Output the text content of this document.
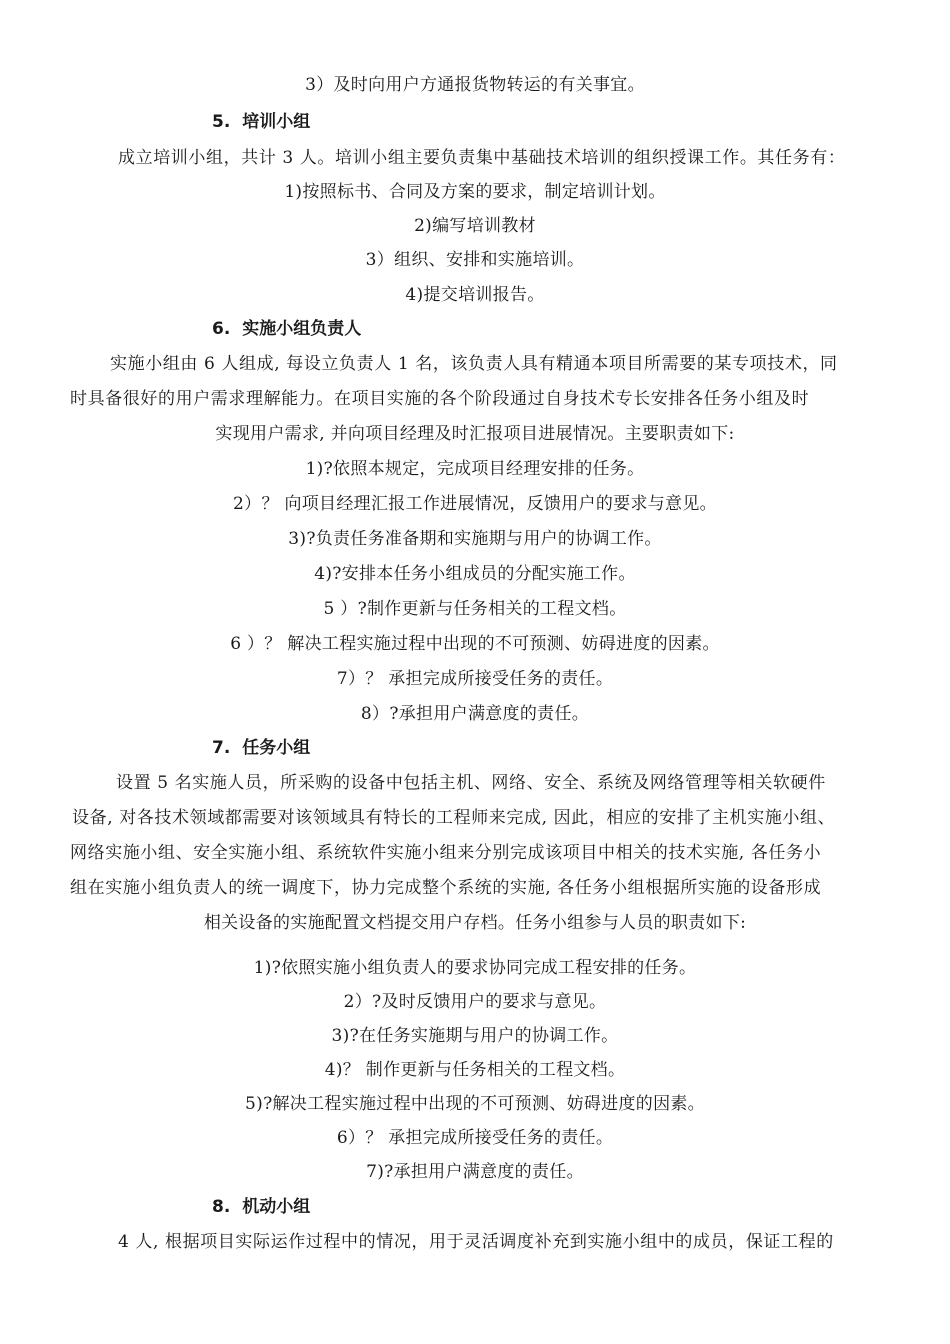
3）及时向用户方通报货物转运的有关事宜。
5. 培训小组
成立培训小组，共计 3 人。培训小组主要负责集中基础技术培训的组织授课工作。其任务有：
1)按照标书、合同及方案的要求，制定培训计划。
2)编写培训教材
3）组织、安排和实施培训。
4)提交培训报告。
6. 实施小组负责人
实施小组由 6 人组成, 每设立负责人 1 名，该负责人具有精通本项目所需要的某专项技术，同
时具备很好的用户需求理解能力。在项目实施的各个阶段通过自身技术专长安排各任务小组及时
实现用户需求, 并向项目经理及时汇报项目进展情况。主要职责如下:
1)?依照本规定，完成项目经理安排的任务。
2）？ 向项目经理汇报工作进展情况，反馈用户的要求与意见。
3)?负责任务准备期和实施期与用户的协调工作。
4)?安排本任务小组成员的分配实施工作。
5 ）?制作更新与任务相关的工程文档。
6 ）？ 解决工程实施过程中出现的不可预测、妨碍进度的因素。
7）？ 承担完成所接受任务的责任。
8）?承担用户满意度的责任。
7. 任务小组
设置 5 名实施人员，所采购的设备中包括主机、网络、安全、系统及网络管理等相关软硬件
设备, 对各技术领域都需要对该领域具有特长的工程师来完成, 因此，相应的安排了主机实施小组、
网络实施小组、安全实施小组、系统软件实施小组来分别完成该项目中相关的技术实施, 各任务小
组在实施小组负责人的统一调度下，协力完成整个系统的实施, 各任务小组根据所实施的设备形成
相关设备的实施配置文档提交用户存档。任务小组参与人员的职责如下:
1)?依照实施小组负责人的要求协同完成工程安排的任务。
2）?及时反馈用户的要求与意见。
3)?在任务实施期与用户的协调工作。
4)？ 制作更新与任务相关的工程文档。
5)?解决工程实施过程中出现的不可预测、妨碍进度的因素。
6）？ 承担完成所接受任务的责任。
7)?承担用户满意度的责任。
8. 机动小组
4 人, 根据项目实际运作过程中的情况，用于灵活调度补充到实施小组中的成员，保证工程的
